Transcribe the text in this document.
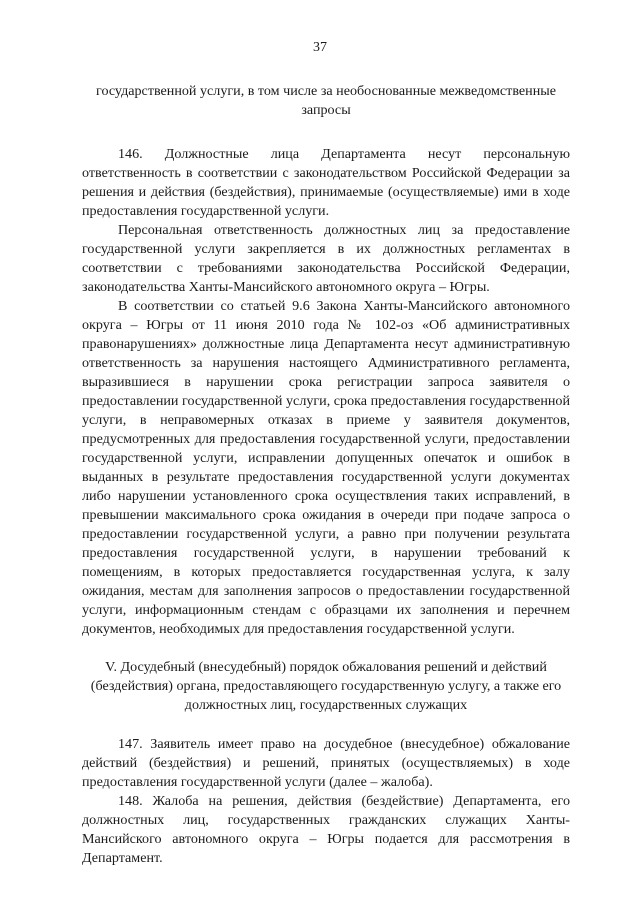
37

государственной услуги, в том числе за необоснованные межведомственные запросы

146. Должностные лица Департамента несут персональную ответственность в соответствии с законодательством Российской Федерации за решения и действия (бездействия), принимаемые (осуществляемые) ими в ходе предоставления государственной услуги.

Персональная ответственность должностных лиц за предоставление государственной услуги закрепляется в их должностных регламентах в соответствии с требованиями законодательства Российской Федерации, законодательства Ханты-Мансийского автономного округа – Югры.

В соответствии со статьей 9.6 Закона Ханты-Мансийского автономного округа – Югры от 11 июня 2010 года № 102-оз «Об административных правонарушениях» должностные лица Департамента несут административную ответственность за нарушения настоящего Административного регламента, выразившиеся в нарушении срока регистрации запроса заявителя о предоставлении государственной услуги, срока предоставления государственной услуги, в неправомерных отказах в приеме у заявителя документов, предусмотренных для предоставления государственной услуги, предоставлении государственной услуги, исправлении допущенных опечаток и ошибок в выданных в результате предоставления государственной услуги документах либо нарушении установленного срока осуществления таких исправлений, в превышении максимального срока ожидания в очереди при подаче запроса о предоставлении государственной услуги, а равно при получении результата предоставления государственной услуги, в нарушении требований к помещениям, в которых предоставляется государственная услуга, к залу ожидания, местам для заполнения запросов о предоставлении государственной услуги, информационным стендам с образцами их заполнения и перечнем документов, необходимых для предоставления государственной услуги.

V. Досудебный (внесудебный) порядок обжалования решений и действий (бездействия) органа, предоставляющего государственную услугу, а также его должностных лиц, государственных служащих

147. Заявитель имеет право на досудебное (внесудебное) обжалование действий (бездействия) и решений, принятых (осуществляемых) в ходе предоставления государственной услуги (далее – жалоба).

148. Жалоба на решения, действия (бездействие) Департамента, его должностных лиц, государственных гражданских служащих Ханты-Мансийского автономного округа – Югры подается для рассмотрения в Департамент.
